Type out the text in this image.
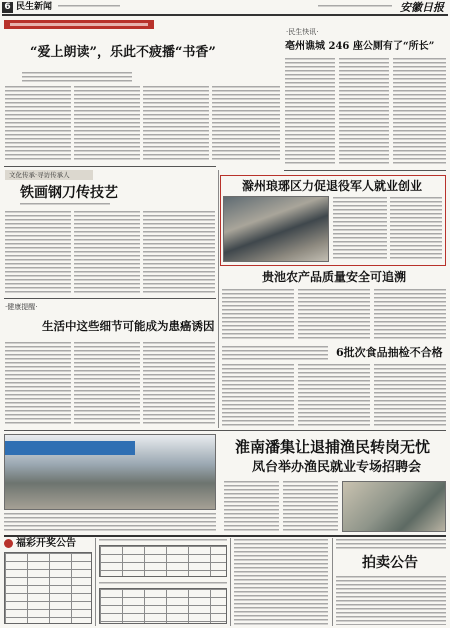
6 民生新闻	安徽日报
“爱上朗读”，乐此不疲播“书香”
·民生快讯·
亳州谯城 246 座公厕有了“所长”
文化传承·寻访传承人
铁画钢刀传技艺	滁州琅琊区力促退役军人就业创业
贵池农产品质量安全可追溯
·健康提醒·
生活中这些细节可能成为患癌诱因
6批次食品抽检不合格
淮南潘集让退捕渔民转岗无忧
凤台举办渔民就业专场招聘会
福彩开奖公告
拍卖公告
